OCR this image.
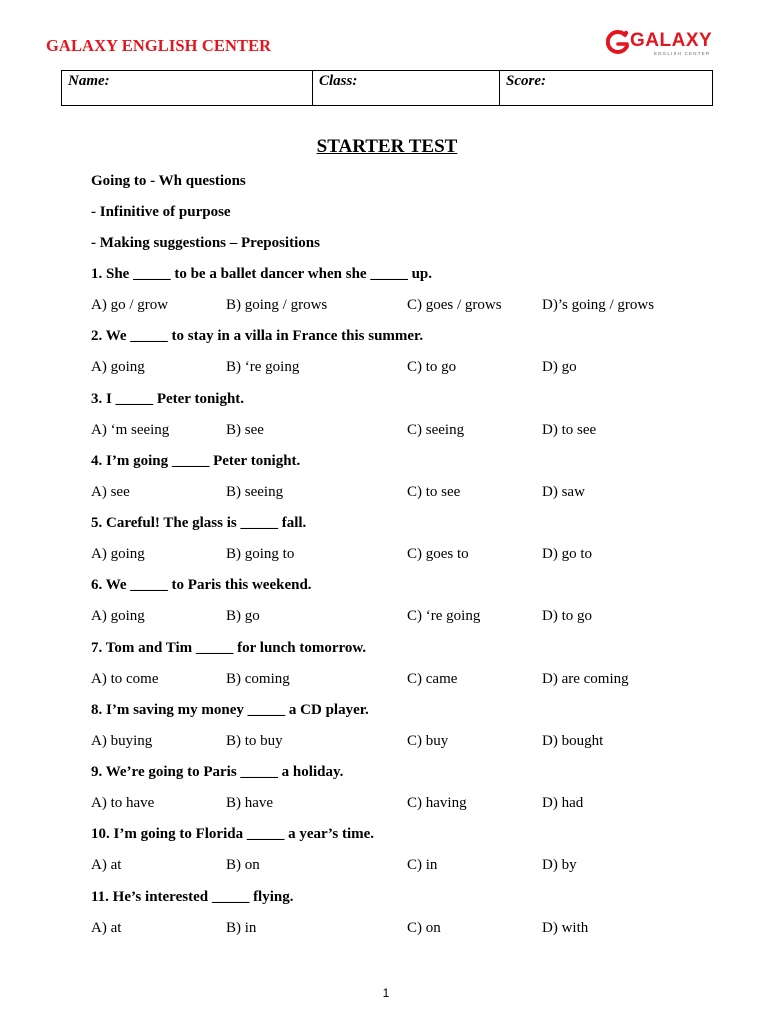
GALAXY ENGLISH CENTER	GALAXY
ENGLISH CENTER
Name:	Class:	Score:
STARTER TEST
Going to - Wh questions
- Infinitive of purpose
- Making suggestions – Prepositions
1. She _____ to be a ballet dancer when she _____ up.
A) go / grow	B) going / grows	C) goes / grows	D)’s going / grows
2. We _____ to stay in a villa in France this summer.
A) going	B) ‘re going	C) to go	D) go
3. I _____ Peter tonight.
A) ‘m seeing	B) see	C) seeing	D) to see
4. I’m going _____ Peter tonight.
A) see	B) seeing	C) to see	D) saw
5. Careful! The glass is _____ fall.
A) going	B) going to	C) goes to	D) go to
6. We _____ to Paris this weekend.
A) going	B) go	C) ‘re going	D) to go
7. Tom and Tim _____ for lunch tomorrow.
A) to come	B) coming	C) came	D) are coming
8. I’m saving my money _____ a CD player.
A) buying	B) to buy	C) buy	D) bought
9. We’re going to Paris _____ a holiday.
A) to have	B) have	C) having	D) had
10. I’m going to Florida _____ a year’s time.
A) at	B) on	C) in	D) by
11. He’s interested _____ flying.
A) at	B) in	C) on	D) with
1
